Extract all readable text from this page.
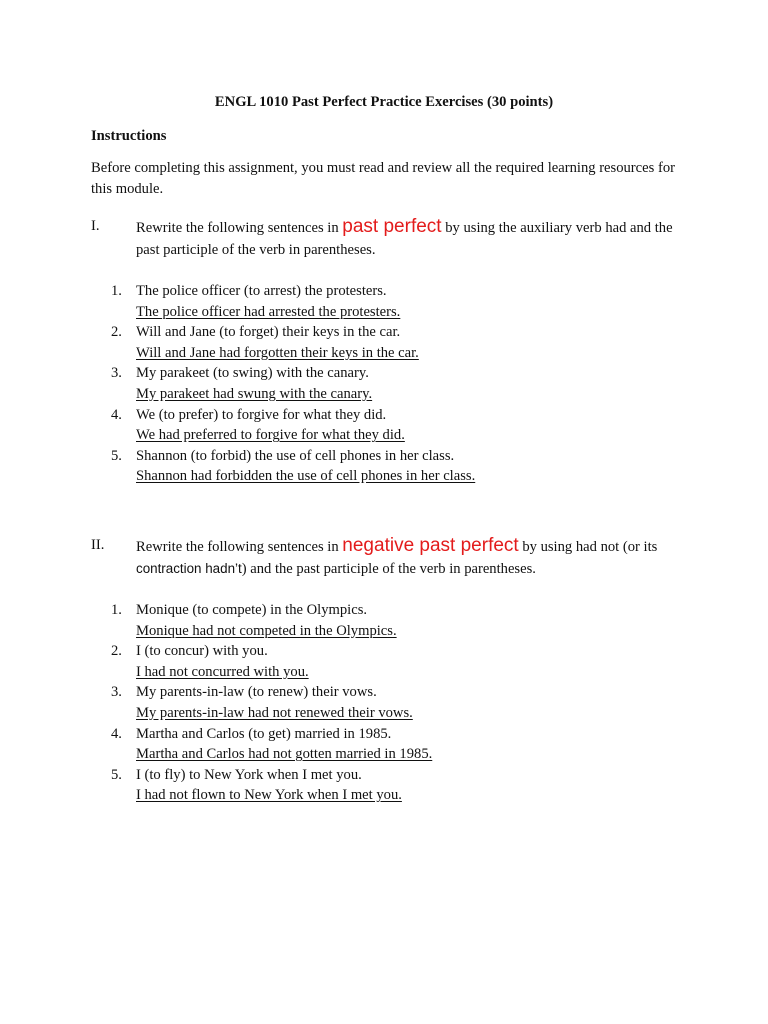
ENGL 1010 Past Perfect Practice Exercises (30 points)
Instructions
Before completing this assignment, you must read and review all the required learning resources for this module.
I. Rewrite the following sentences in past perfect by using the auxiliary verb had and the past participle of the verb in parentheses.
1. The police officer (to arrest) the protesters.
The police officer had arrested the protesters.
2. Will and Jane (to forget) their keys in the car.
Will and Jane had forgotten their keys in the car.
3. My parakeet (to swing) with the canary.
My parakeet had swung with the canary.
4. We (to prefer) to forgive for what they did.
We had preferred to forgive for what they did.
5. Shannon (to forbid) the use of cell phones in her class.
Shannon had forbidden the use of cell phones in her class.
II. Rewrite the following sentences in negative past perfect by using had not (or its contraction hadn’t) and the past participle of the verb in parentheses.
1. Monique (to compete) in the Olympics.
Monique had not competed in the Olympics.
2. I (to concur) with you.
I had not concurred with you.
3. My parents-in-law (to renew) their vows.
My parents-in-law had not renewed their vows.
4. Martha and Carlos (to get) married in 1985.
Martha and Carlos had not gotten married in 1985.
5. I (to fly) to New York when I met you.
I had not flown to New York when I met you.
